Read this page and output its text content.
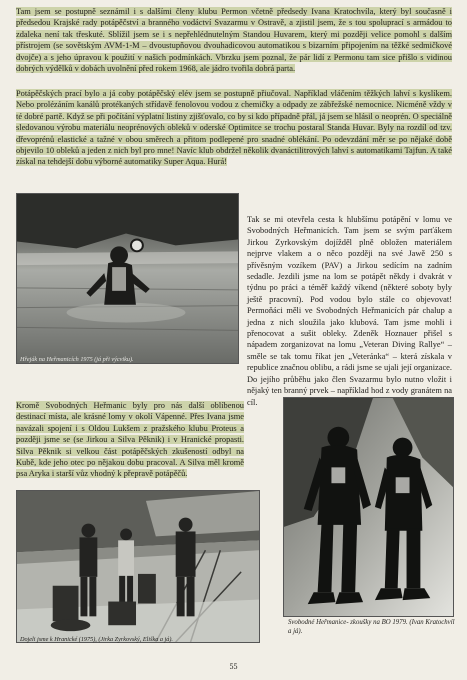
Tam jsem se postupně seznámil i s dalšími členy klubu Permon včetně předsedy Ivana Kratochvíla, který byl současně i předsedou Krajské rady potápěčství a branného vodáctví Svazarmu v Ostravě, a zjistil jsem, že s tou spoluprací s armádou to zdaleka není tak třeskuté. Sblížil jsem se i s nepřehlédnutelným Standou Huvarem, který mi později velice pomohl s dalším přístrojem (se sovětským AVM-1-M – dvoustupňovou dvouhadicovou automatikou s bizarním připojením na těžké sedmičkové dvojče) a s jeho úpravou k použití v našich podmínkách. Vbrzku jsem poznal, že pár lidí z Permonu tam sice přišlo s vidinou dobrých výdělků v dobách uvolnění před rokem 1968, ale jádro tvořila dobrá parta.

Potápěčských prací bylo a já coby potápěčský elév jsem se postupně přiučoval. Například vláčením těžkých lahví s kyslíkem. Nebo prolézáním kanálů protékaných střídavě fenolovou vodou z chemičky a odpady ze zábřežské nemocnice. Nicméně vždy v té dobré partě. Když se při počítání výplatní listiny zjišťovalo, co by si kdo případně přál, já jsem se hlásil o neoprén. O speciálně sledovanou výrobu materiálu neoprénových obleků v oderské Optimitce se trochu postaral Standa Huvar. Byly na rozdíl od tzv. dřevoprénů elastické a tažné v obou směrech a přitom podlepené pro snadné oblékání. Po odevzdání měr se po nějaké době objevilo 10 obleků a jeden z nich byl pro mne! Navíc klub obdržel několik dvanáctilitrových lahví s automatikami Tajfun. A také získal na tehdejší dobu výborné automatiky Super Aqua. Hurá!

Hřeják na Heřmanicích 1975 (já při výcviku).

Tak se mi otevřela cesta k hlubšímu potápění v lomu ve Svobodných Heřmanicích. Tam jsem se svým parťákem Jirkou Zyrkovským dojížděl plně obložen materiálem nejprve vlakem a o něco později na své Jawě 250 s přívěsným vozíkem (PAV) a Jirkou sedícím na zadním sedadle. Jezdili jsme na lom se potápět někdy i dvakrát v týdnu po práci a téměř každý víkend (některé soboty byly ještě pracovní). Pod vodou bylo stále co objevovat! Permoňáci měli ve Svobodných Heřmanicích pár chalup a jedna z nich sloužila jako klubová. Tam jsme mohli i přenocovat a sušit obleky. Zdeněk Hoznauer přišel s nápadem zorganizovat na lomu „Veteran Diving Rallye“ – směle se tak tomu říkat jen „Veteránka“ – která získala v republice značnou oblibu, a rádi jsme se ujali její organizace. Do jejího průběhu jako člen Svazarmu bylo nutno vložit i nějaký ten branný prvek – například hod z vody granátem na cíl.

Kromě Svobodných Heřmanic byly pro nás další oblíbenou destinací místa, ale krásné lomy v okolí Vápenné. Přes Ivana jsme navázali spojení i s Oldou Lukšem z pražského klubu Proteus a později jsme se (se Jirkou a Silva Pěknik) i v Hranické propasti. Silva Pěknik si velkou část potápěčských zkušeností odbyl na Kubě, kde jeho otec po nějakou dobu pracoval. A Silva měl kromě psa Aryka i starší vůz vhodný k přepravě potápěčů.

Dojeli jsme k Hranické (1975), (Jirka Zyrkovský, Eliška a já).
Svobodné Heřmanice- zkoušky na BO 1979. (Ivan Kratochvíl a já).
55
